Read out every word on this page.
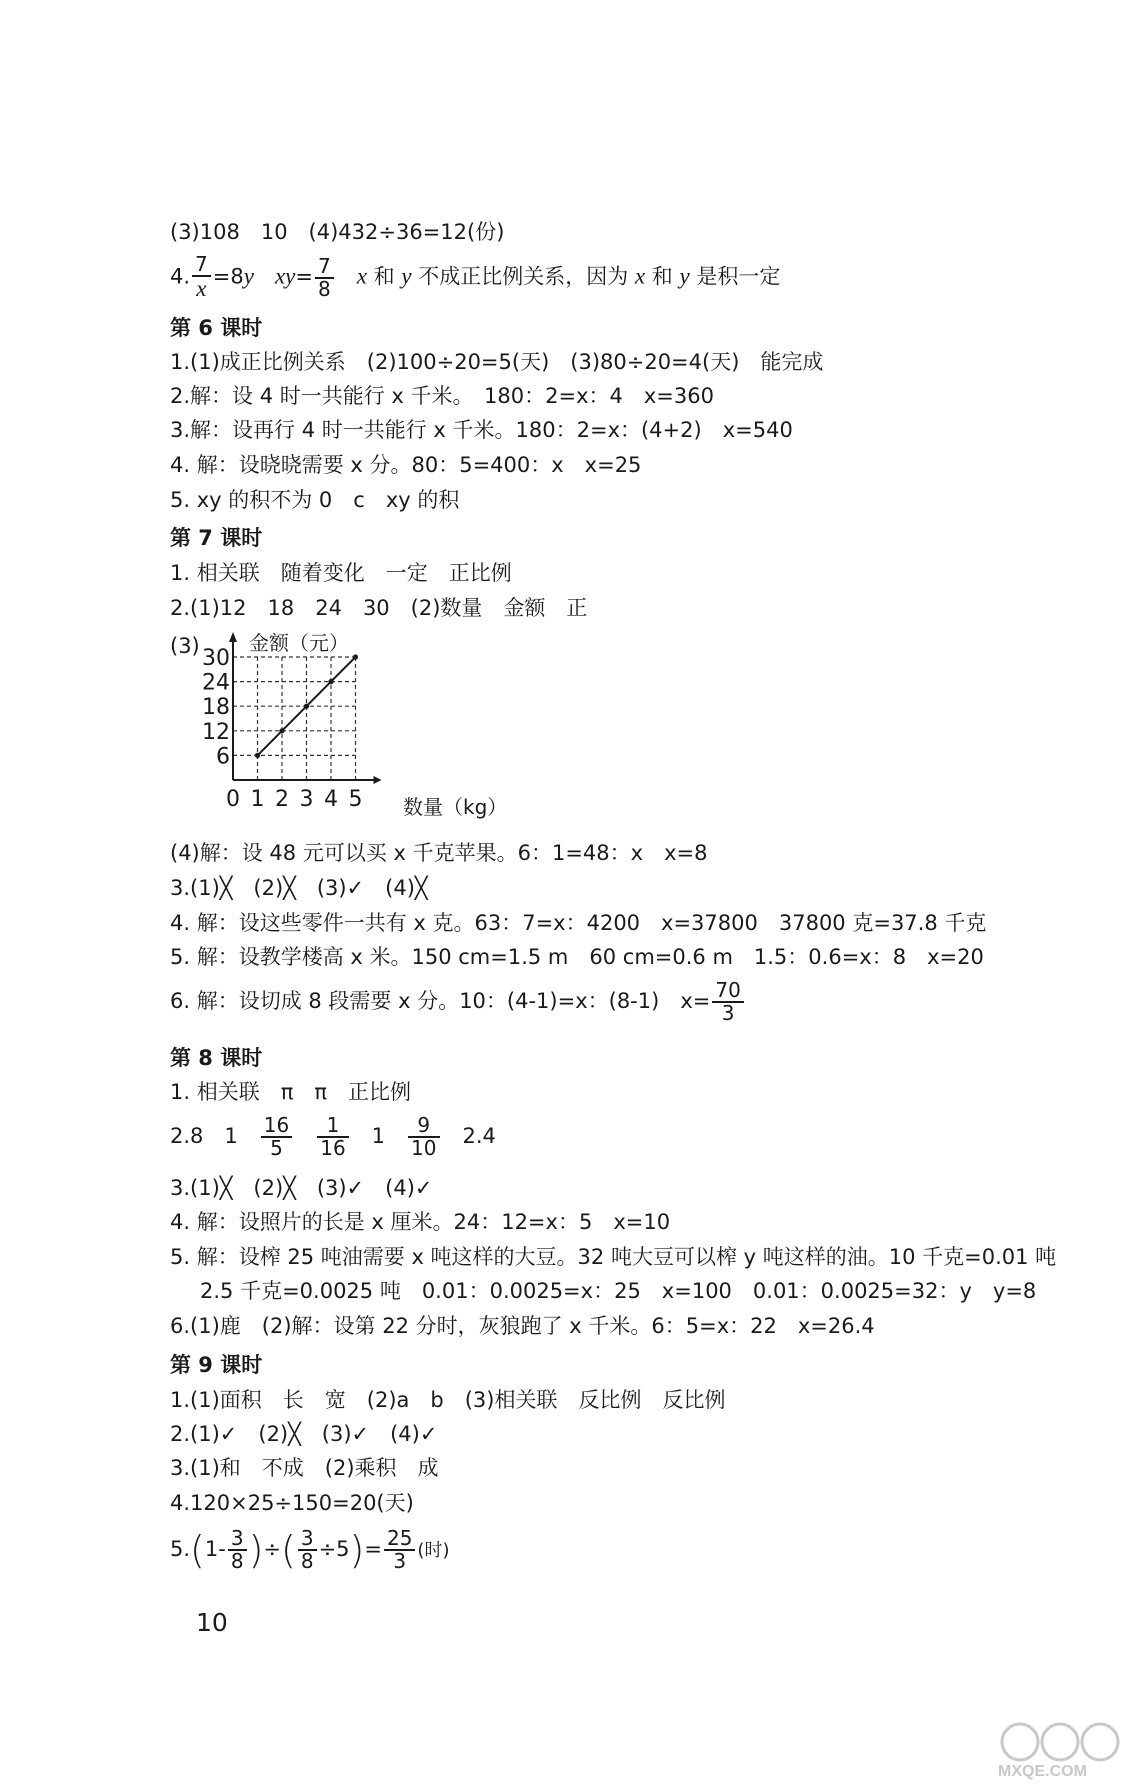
(3)108　10　(4)432÷36=12(份)
4. $\frac{7}{x} =8y$　 $xy= \frac{7}{8}$
　 x 和 y 不成正比例关系，因为 x 和 y 是积一定
第 6 课时
1.(1)成正比例关系　(2)100÷20=5(天)　(3)80÷20=4(天)　能完成
2.解：设 4 时一共能行 x 千米。　180：2=x：4　x=360
3.解：设再行 4 时一共能行 x 千米。180：2=x：(4+2)　x=540
4. 解：设晓晓需要 x 分。80：5=400：x　x=25
5. xy 的积不为 0　c　xy 的积
第 7 课时
1. 相关联　随着变化　一定　正比例
2.(1)12　18　24　30　(2)数量　金额　正
(3)
0 1 2 3 4 5
6
12
18
24
30
金额（元）
数量（kg）
(4)解：设 48 元可以买 x 千克苹果。6：1=48：x　x=8
3.(1)╳　(2)╳　(3)✓　(4)╳
4. 解：设这些零件一共有 x 克。63：7=x：4200　x=37800　37800 克=37.8 千克
5. 解：设教学楼高 x 米。150 cm=1.5 m　60 cm=0.6 m　1.5：0.6=x：8　x=20
6. 解：设切成 8 段需要 x 分。10：(4-1)=x：(8-1)　$x= \frac{70}{3}$
第 8 课时
1. 相关联　π　π　正比例
2.8　1　 $\frac{16}{5}$
　 $\frac{1}{16}$
　 1　 $\frac{9}{10}$
　 2.4
3.(1)╳　(2)╳　(3)✓　(4)✓
4. 解：设照片的长是 x 厘米。24：12=x：5　x=10
5. 解：设榨 25 吨油需要 x 吨这样的大豆。32 吨大豆可以榨 y 吨这样的油。10 千克=0.01 吨
2.5 千克=0.0025 吨　0.01：0.0025=x：25　x=100　0.01：0.0025=32：y　y=8
6.(1)鹿　(2)解：设第 22 分时，灰狼跑了 x 千米。6：5=x：22　x=26.4
第 9 课时
1.(1)面积　长　宽　(2)a　b　(3)相关联　反比例　反比例
2.(1)✓　(2)╳　(3)✓　(4)✓
3.(1)和　不成　(2)乘积　成
4.120×25÷150=20(天)
$5.(1- \frac{3}{8}$ )÷( $\frac{3}{8} \div 5)= \frac{25}{3}$ (时)
10
MXQE.COM
